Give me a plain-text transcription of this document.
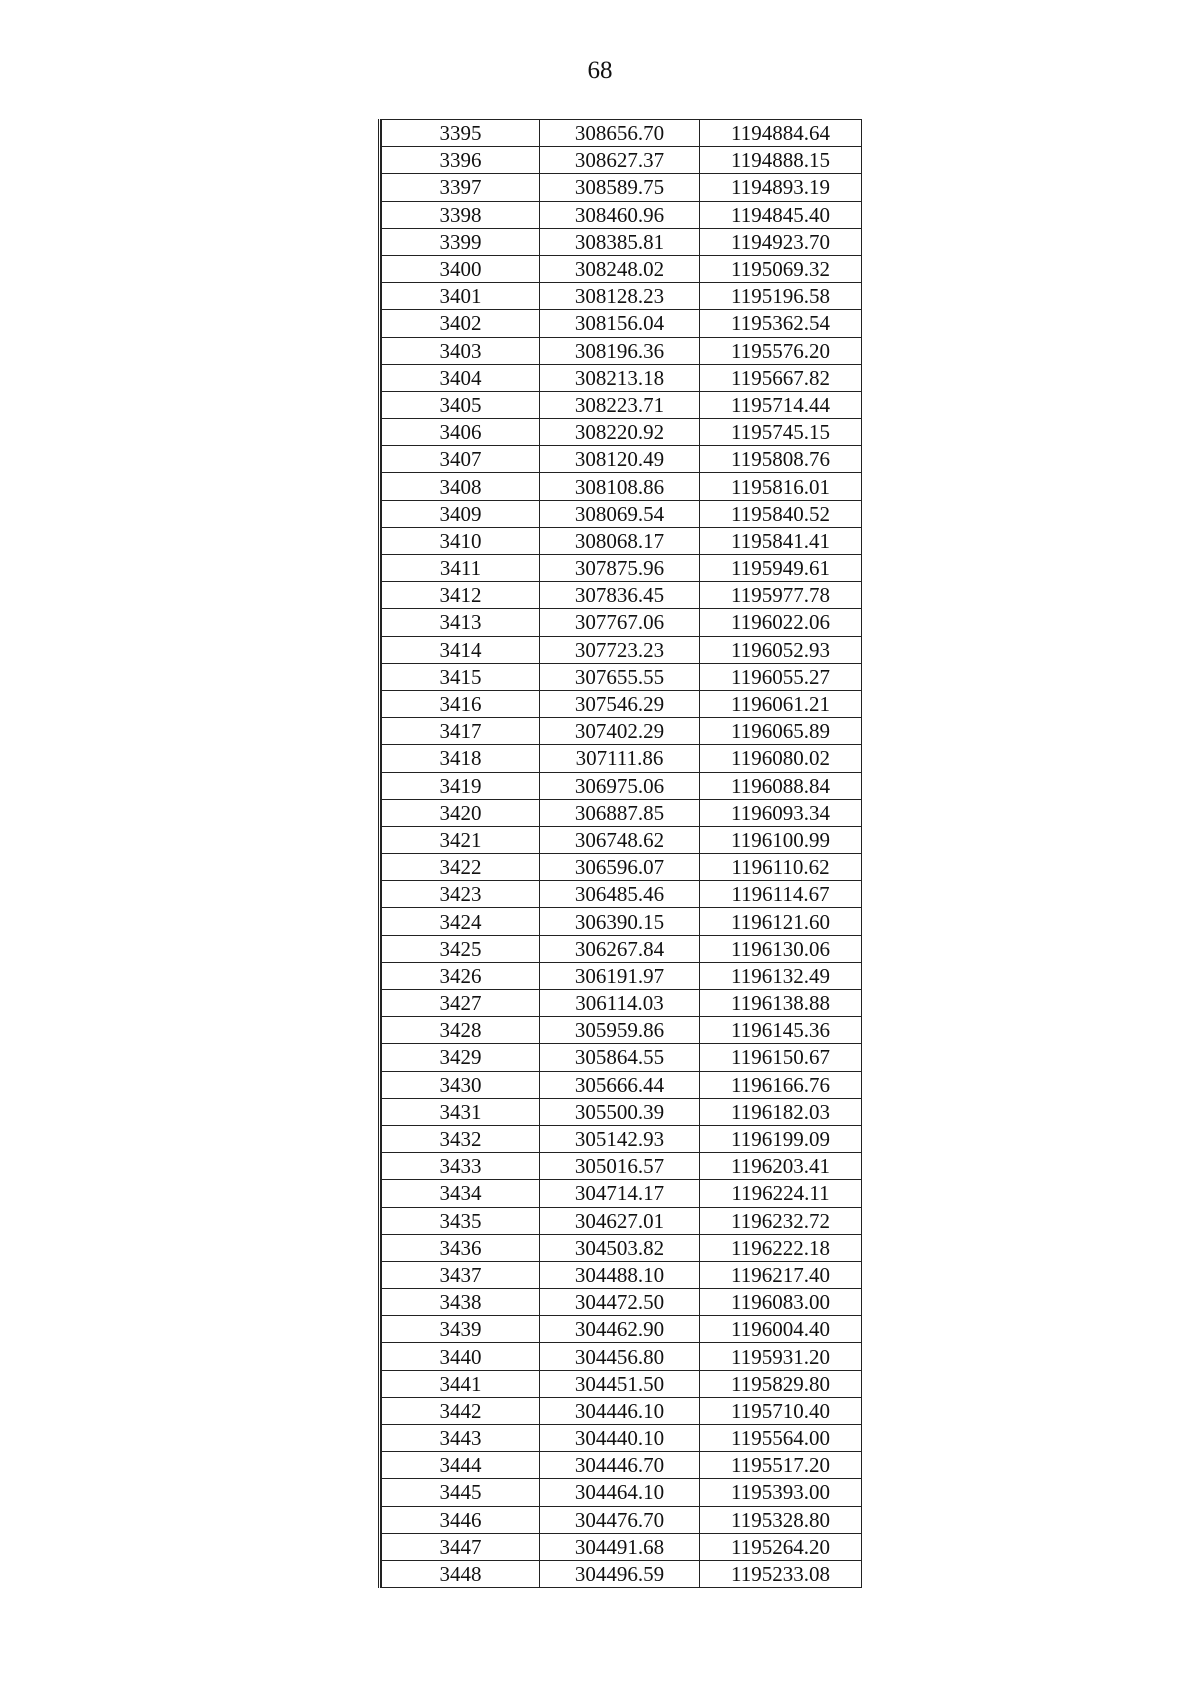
68
3395	308656.70	1194884.64
3396	308627.37	1194888.15
3397	308589.75	1194893.19
3398	308460.96	1194845.40
3399	308385.81	1194923.70
3400	308248.02	1195069.32
3401	308128.23	1195196.58
3402	308156.04	1195362.54
3403	308196.36	1195576.20
3404	308213.18	1195667.82
3405	308223.71	1195714.44
3406	308220.92	1195745.15
3407	308120.49	1195808.76
3408	308108.86	1195816.01
3409	308069.54	1195840.52
3410	308068.17	1195841.41
3411	307875.96	1195949.61
3412	307836.45	1195977.78
3413	307767.06	1196022.06
3414	307723.23	1196052.93
3415	307655.55	1196055.27
3416	307546.29	1196061.21
3417	307402.29	1196065.89
3418	307111.86	1196080.02
3419	306975.06	1196088.84
3420	306887.85	1196093.34
3421	306748.62	1196100.99
3422	306596.07	1196110.62
3423	306485.46	1196114.67
3424	306390.15	1196121.60
3425	306267.84	1196130.06
3426	306191.97	1196132.49
3427	306114.03	1196138.88
3428	305959.86	1196145.36
3429	305864.55	1196150.67
3430	305666.44	1196166.76
3431	305500.39	1196182.03
3432	305142.93	1196199.09
3433	305016.57	1196203.41
3434	304714.17	1196224.11
3435	304627.01	1196232.72
3436	304503.82	1196222.18
3437	304488.10	1196217.40
3438	304472.50	1196083.00
3439	304462.90	1196004.40
3440	304456.80	1195931.20
3441	304451.50	1195829.80
3442	304446.10	1195710.40
3443	304440.10	1195564.00
3444	304446.70	1195517.20
3445	304464.10	1195393.00
3446	304476.70	1195328.80
3447	304491.68	1195264.20
3448	304496.59	1195233.08
